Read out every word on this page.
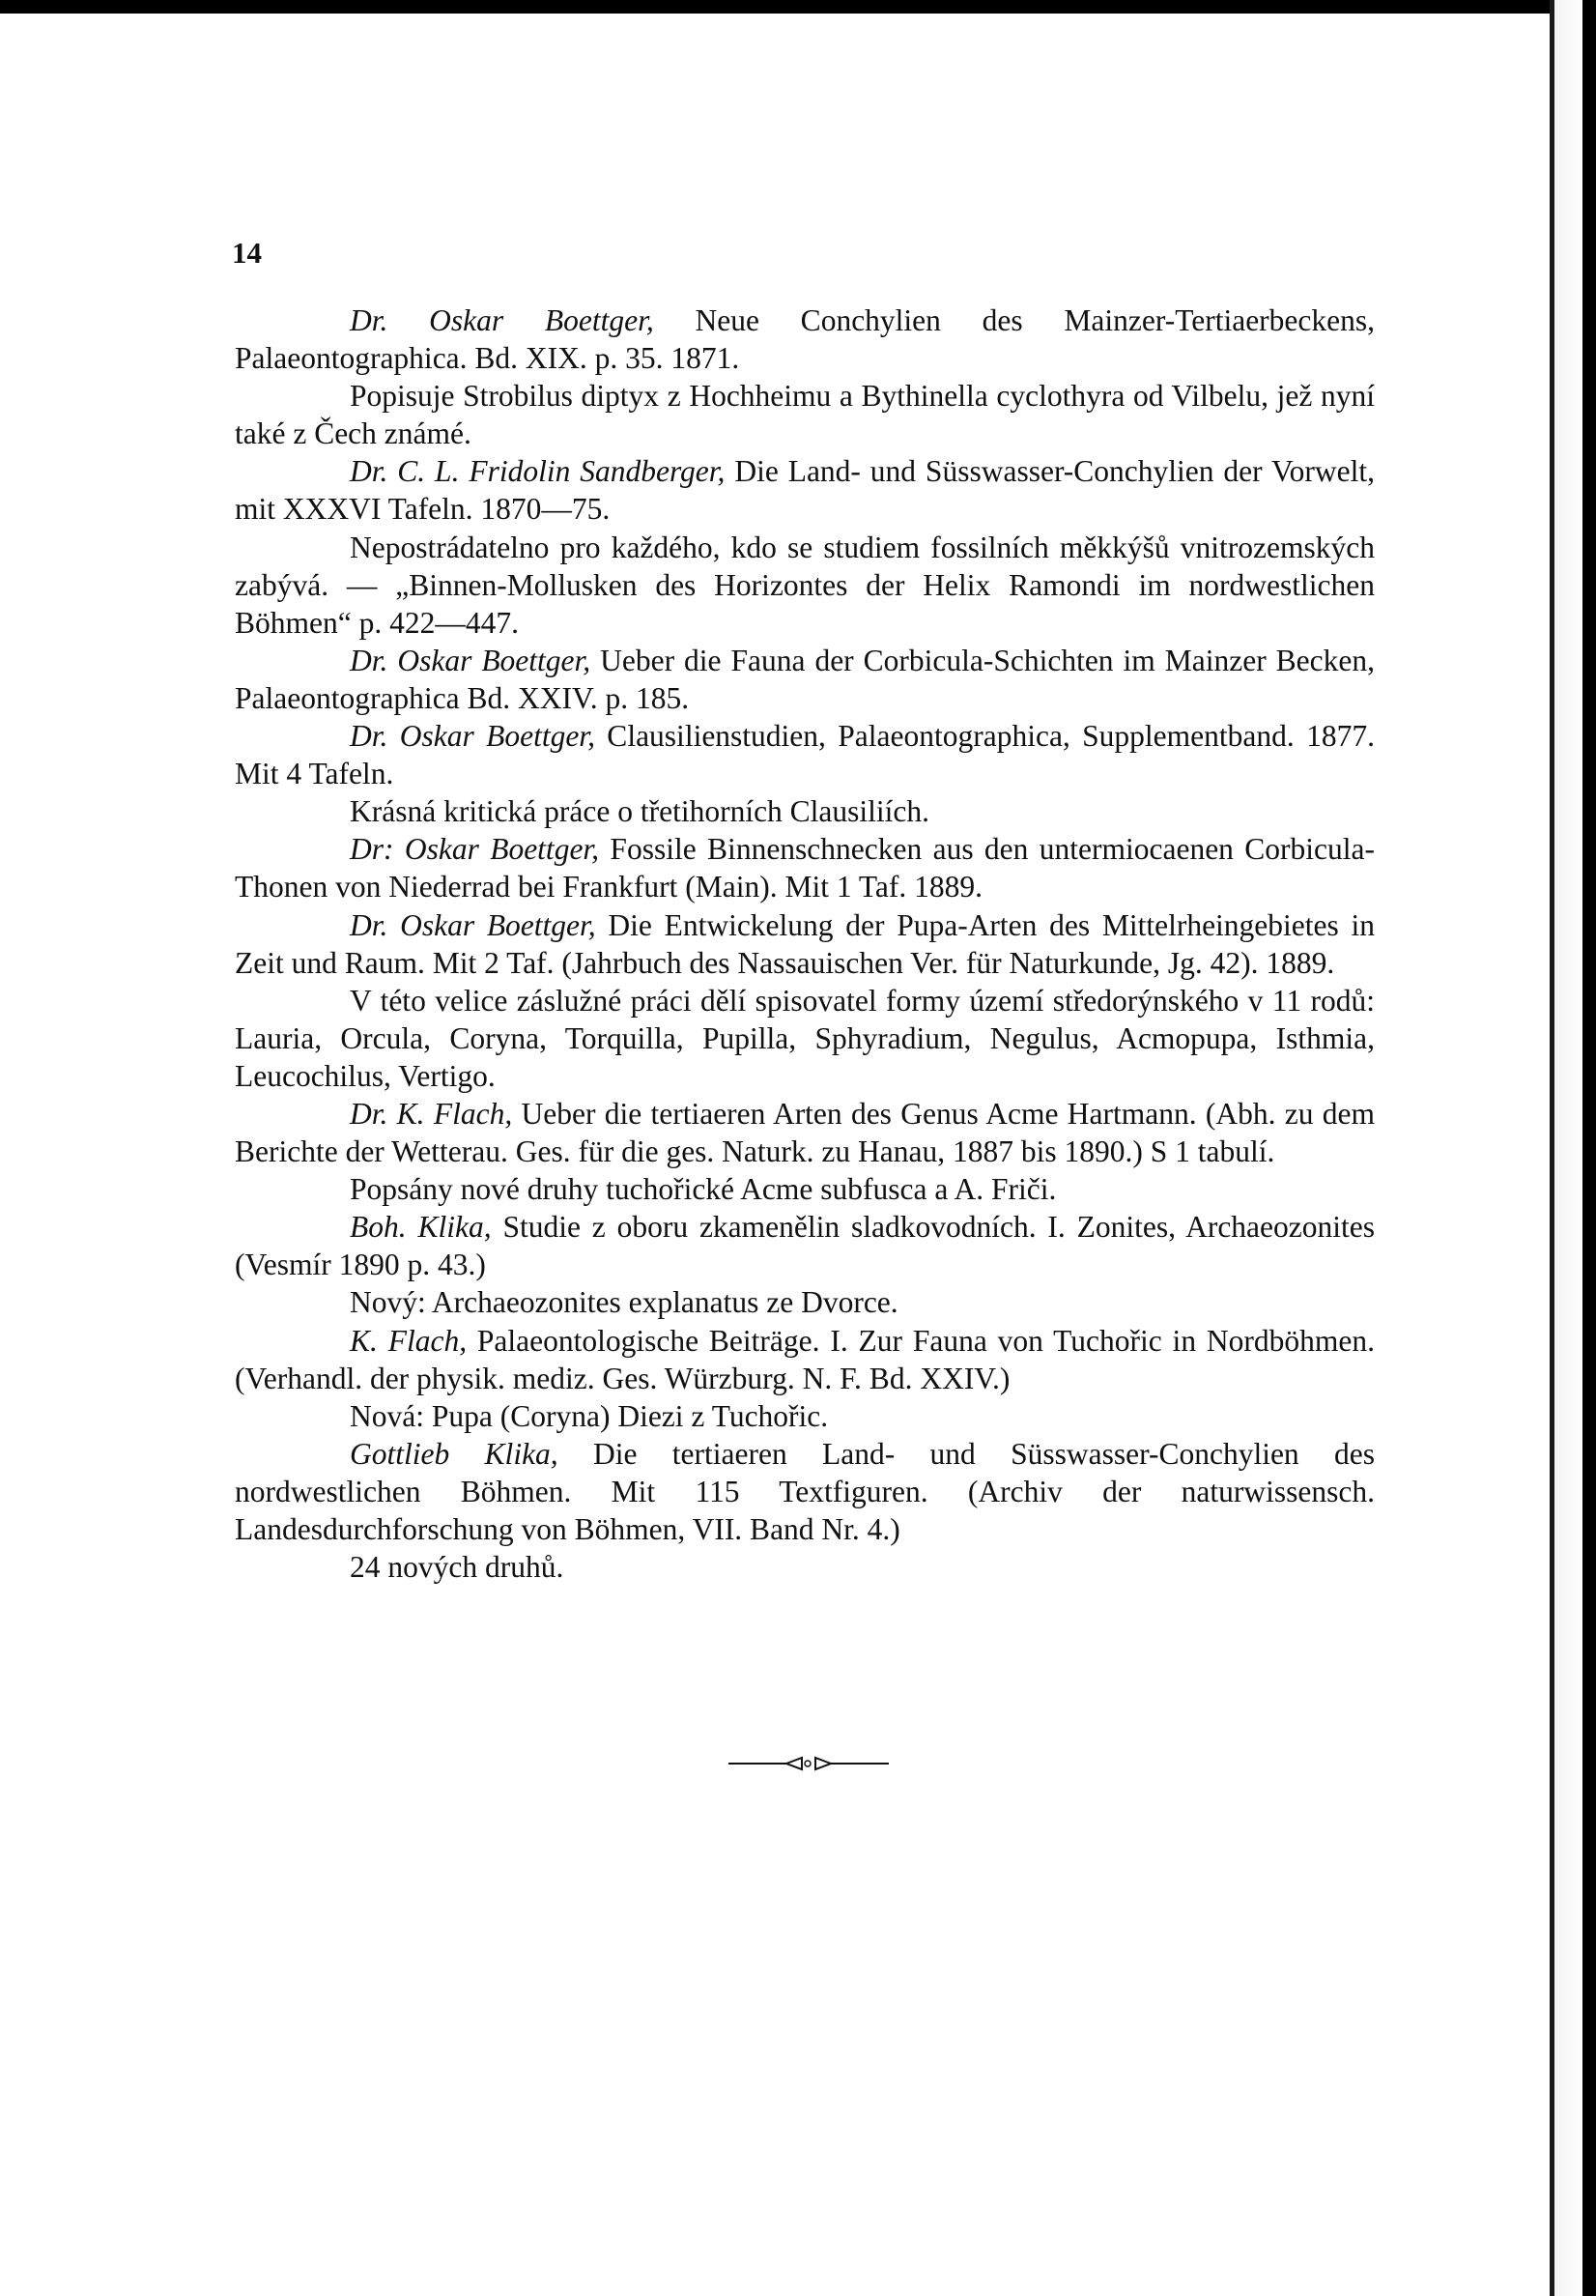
14

Dr. Oskar Boettger, Neue Conchylien des Mainzer-Tertiaerbeckens, Palaeontographica. Bd. XIX. p. 35. 1871.

Popisuje Strobilus diptyx z Hochheimu a Bythinella cyclothyra od Vilbelu, jež nyní také z Čech známé.

Dr. C. L. Fridolin Sandberger, Die Land- und Süsswasser-Conchylien der Vorwelt, mit XXXVI Tafeln. 1870—75.

Nepostrádatelno pro každého, kdo se studiem fossilních měkkýšů vnitrozemských zabývá. — „Binnen-Mollusken des Horizontes der Helix Ramondi im nordwestlichen Böhmen“ p. 422—447.

Dr. Oskar Boettger, Ueber die Fauna der Corbicula-Schichten im Mainzer Becken, Palaeontographica Bd. XXIV. p. 185.

Dr. Oskar Boettger, Clausilienstudien, Palaeontographica, Supplementband. 1877. Mit 4 Tafeln.

Krásná kritická práce o třetihorních Clausiliích.

Dr: Oskar Boettger, Fossile Binnenschnecken aus den untermiocaenen Corbicula-Thonen von Niederrad bei Frankfurt (Main). Mit 1 Taf. 1889.

Dr. Oskar Boettger, Die Entwickelung der Pupa-Arten des Mittelrheingebietes in Zeit und Raum. Mit 2 Taf. (Jahrbuch des Nassauischen Ver. für Naturkunde, Jg. 42). 1889.

V této velice záslužné práci dělí spisovatel formy území středorýnského v 11 rodů: Lauria, Orcula, Coryna, Torquilla, Pupilla, Sphyradium, Negulus, Acmopupa, Isthmia, Leucochilus, Vertigo.

Dr. K. Flach, Ueber die tertiaeren Arten des Genus Acme Hartmann. (Abh. zu dem Berichte der Wetterau. Ges. für die ges. Naturk. zu Hanau, 1887 bis 1890.) S 1 tabulí.

Popsány nové druhy tuchořické Acme subfusca a A. Friči.

Boh. Klika, Studie z oboru zkamenělin sladkovodních. I. Zonites, Archaeozonites (Vesmír 1890 p. 43.)

Nový: Archaeozonites explanatus ze Dvorce.

K. Flach, Palaeontologische Beiträge. I. Zur Fauna von Tuchořic in Nordböhmen. (Verhandl. der physik. mediz. Ges. Würzburg. N. F. Bd. XXIV.)

Nová: Pupa (Coryna) Diezi z Tuchořic.

Gottlieb Klika, Die tertiaeren Land- und Süsswasser-Conchylien des nordwestlichen Böhmen. Mit 115 Textfiguren. (Archiv der naturwissensch. Landesdurchforschung von Böhmen, VII. Band Nr. 4.)

24 nových druhů.
